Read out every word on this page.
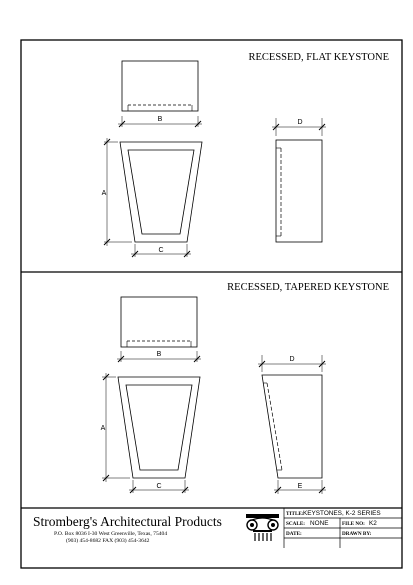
RECESSED, FLAT KEYSTONE
B
A
C
D
RECESSED, TAPERED KEYSTONE
B
A
C
D
E
Stromberg's Architectural Products
P.O. Box 8036 I-30 West Greenville, Texas, 75404
(903) 454-8682 FAX (903) 454-3642
TITLE: KEYSTONES, K-2 SERIES
SCALE: NONE	FILE NO: K2
DATE:	DRAWN BY:
